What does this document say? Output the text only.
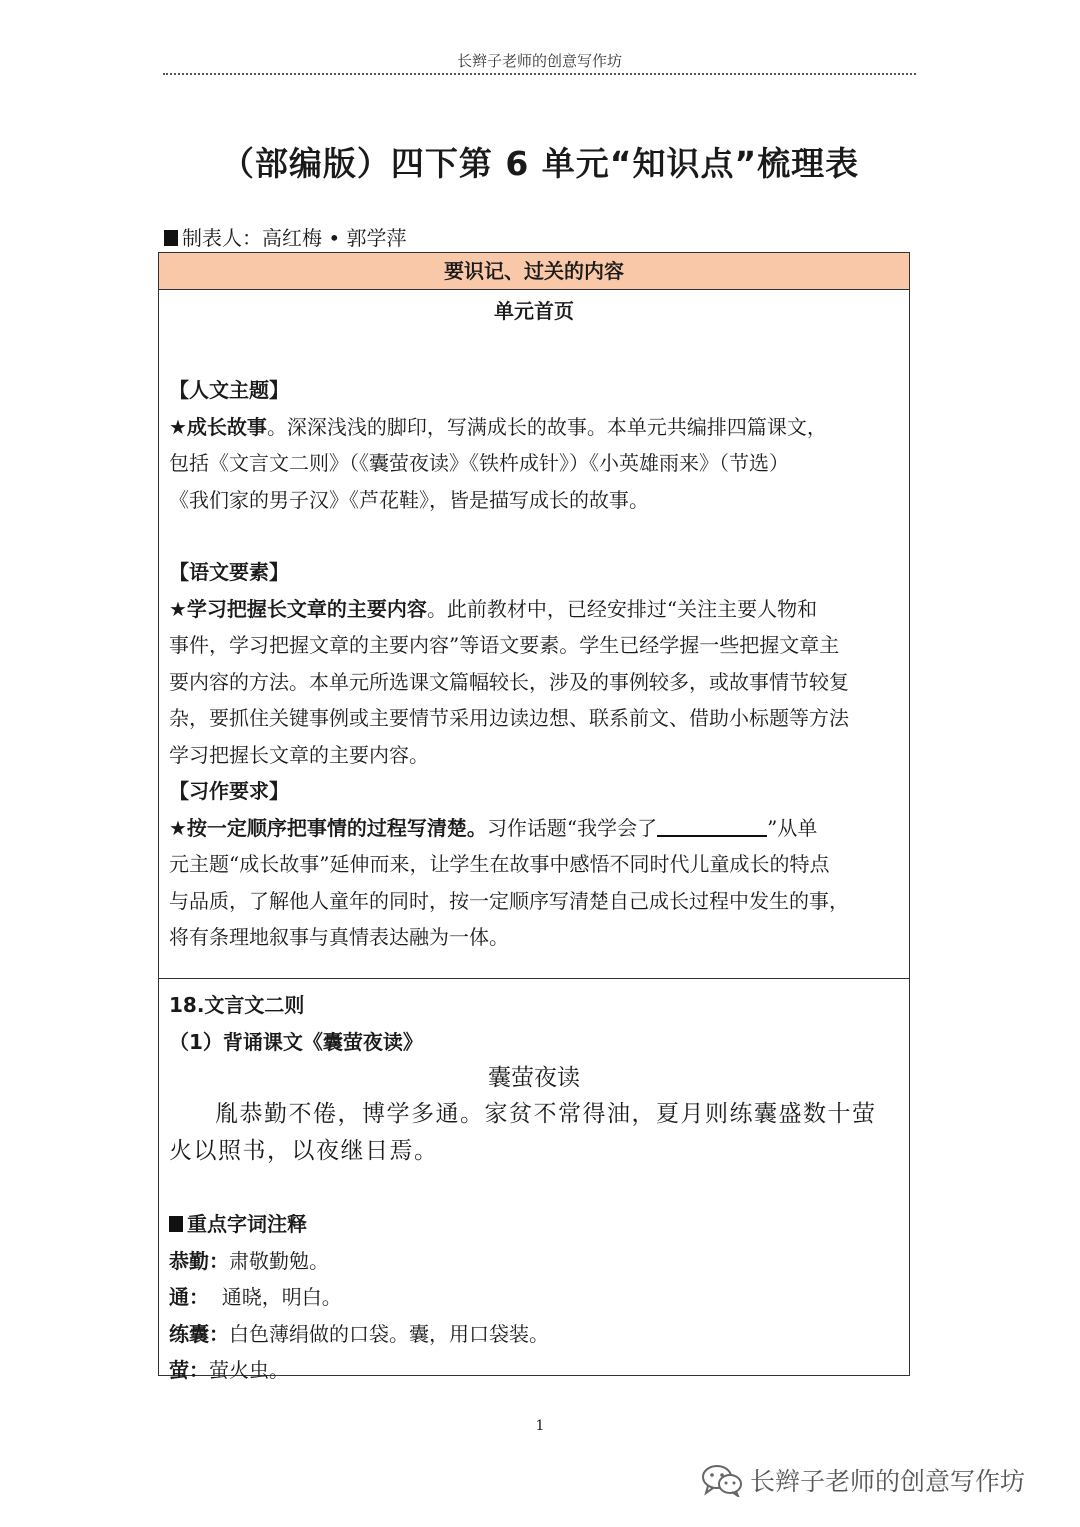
长辫子老师的创意写作坊
（部编版）四下第 6 单元“知识点”梳理表
制表人：高红梅 • 郭学萍
要识记、过关的内容
单元首页

【人文主题】

★成长故事。深深浅浅的脚印，写满成长的故事。本单元共编排四篇课文，

包括《文言文二则》（《囊萤夜读》《铁杵成针》）《小英雄雨来》（节选）

《我们家的男子汉》《芦花鞋》，皆是描写成长的故事。

【语文要素】

★学习把握长文章的主要内容。此前教材中，已经安排过“关注主要人物和

事件，学习把握文章的主要内容”等语文要素。学生已经学握一些把握文章主

要内容的方法。本单元所选课文篇幅较长，涉及的事例较多，或故事情节较复

杂，要抓住关键事例或主要情节采用边读边想、联系前文、借助小标题等方法

学习把握长文章的主要内容。

【习作要求】

★按一定顺序把事情的过程写清楚。习作话题“我学会了	”从单

元主题“成长故事”延伸而来，让学生在故事中感悟不同时代儿童成长的特点

与品质，了解他人童年的同时，按一定顺序写清楚自己成长过程中发生的事，

将有条理地叙事与真情表达融为一体。

18.文言文二则

（1）背诵课文《囊萤夜读》

囊萤夜读

胤恭勤不倦，博学多通。家贫不常得油，夏月则练囊盛数十萤

火以照书，以夜继日焉。

重点字词注释

恭勤：肃敬勤勉。

通：  通晓，明白。

练囊：白色薄绢做的口袋。囊，用口袋装。

萤：萤火虫。

1
长辫子老师的创意写作坊
